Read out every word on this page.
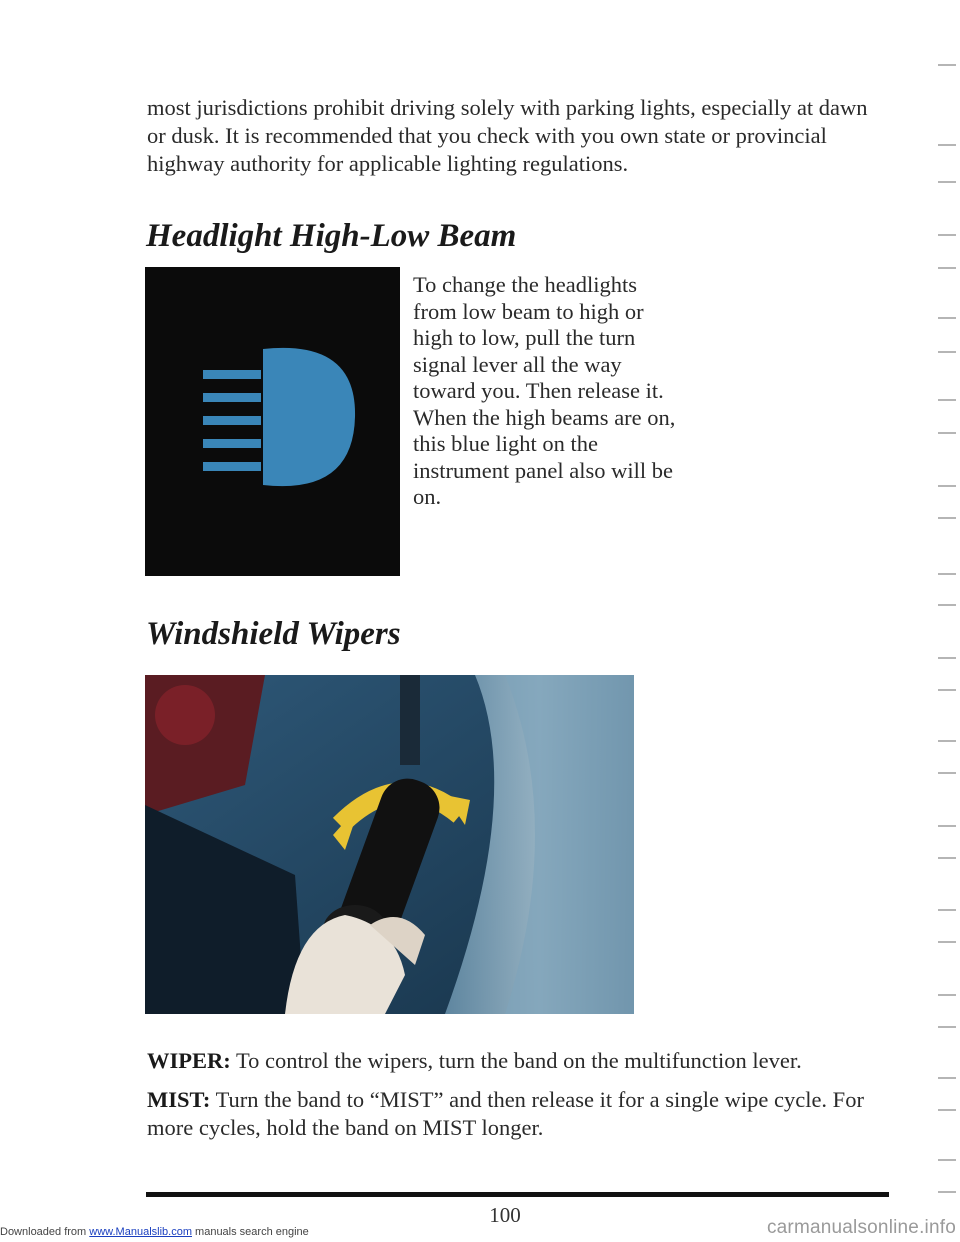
most jurisdictions prohibit driving solely with parking lights, especially at dawn or dusk. It is recommended that you check with you own state or provincial highway authority for applicable lighting regulations.

Headlight High-Low Beam

To change the headlights from low beam to high or high to low, pull the turn signal lever all the way toward you. Then release it. When the high beams are on, this blue light on the instrument panel also will be on.

Windshield Wipers

WIPER: To control the wipers, turn the band on the multifunction lever.

MIST: Turn the band to “MIST” and then release it for a single wipe cycle. For more cycles, hold the band on MIST longer.

100
Downloaded from www.Manualslib.com manuals search engine	carmanualsonline.info
